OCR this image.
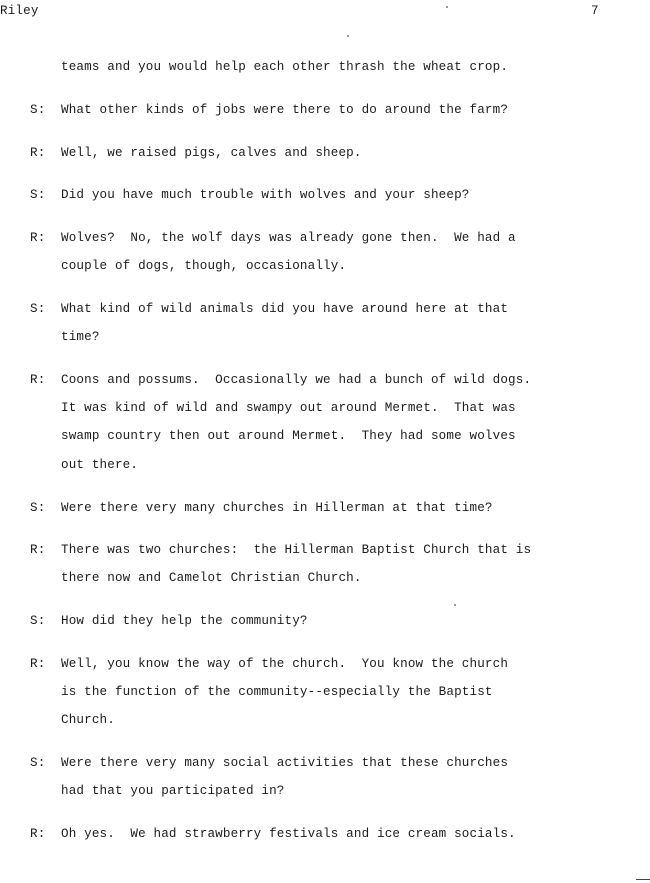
Riley	7
teams and you would help each other thrash the wheat crop.
S: What other kinds of jobs were there to do around the farm?
R: Well, we raised pigs, calves and sheep.
S: Did you have much trouble with wolves and your sheep?
R: Wolves?  No, the wolf days was already gone then.  We had a
couple of dogs, though, occasionally.
S: What kind of wild animals did you have around here at that
time?
R: Coons and possums.  Occasionally we had a bunch of wild dogs.
It was kind of wild and swampy out around Mermet.  That was
swamp country then out around Mermet.  They had some wolves
out there.
S: Were there very many churches in Hillerman at that time?
R: There was two churches:  the Hillerman Baptist Church that is
there now and Camelot Christian Church.
S: How did they help the community?
R: Well, you know the way of the church.  You know the church
is the function of the community--especially the Baptist
Church.
S: Were there very many social activities that these churches
had that you participated in?
R: Oh yes.  We had strawberry festivals and ice cream socials.
